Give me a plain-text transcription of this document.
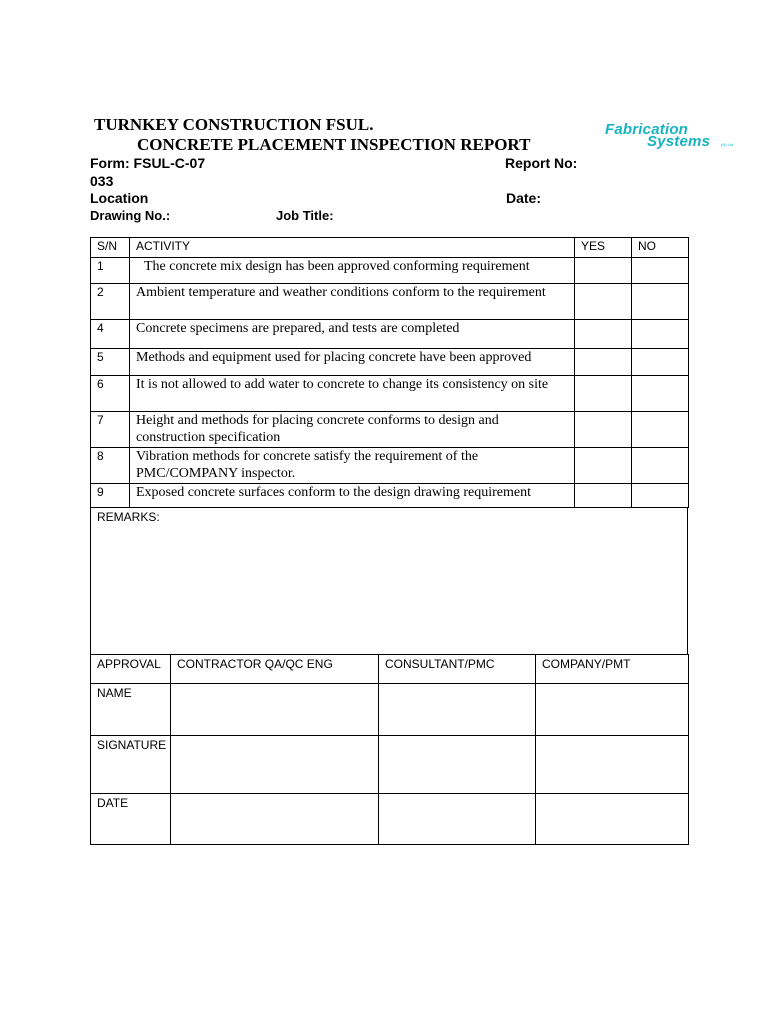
TURNKEY CONSTRUCTION FSUL.
CONCRETE PLACEMENT INSPECTION REPORT
Fabrication
Systems	(N) Ltd.
Form: FSUL-C-07	Report No:
033
Location	Date:
Drawing No.:	Job Title:
S/N	ACTIVITY	YES	NO
1	The concrete mix design has been approved conforming requirement		
2	Ambient temperature and weather conditions conform to the requirement		
4	Concrete specimens are prepared, and tests are completed		
5	Methods and equipment used for placing concrete have been approved		
6	It is not allowed to add water to concrete to change its consistency on site		
7	Height and methods for placing concrete conforms to design and construction specification		
8	Vibration methods for concrete satisfy the requirement of the PMC/COMPANY inspector.		
9	Exposed concrete surfaces conform to the design drawing requirement		
REMARKS:
APPROVAL	CONTRACTOR QA/QC ENG	CONSULTANT/PMC	COMPANY/PMT
NAME			
SIGNATURE			
DATE			
